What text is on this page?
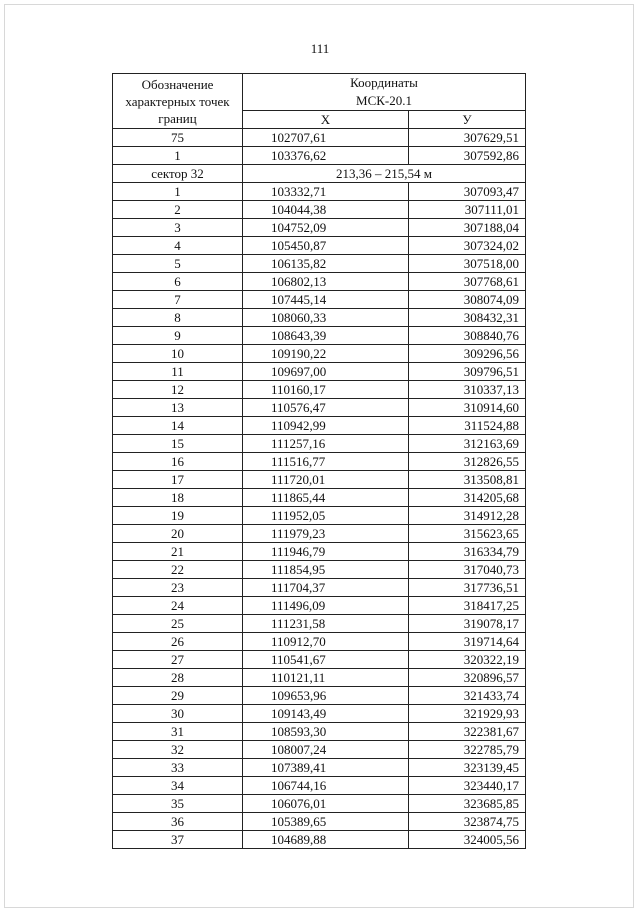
111
Обозначение
характерных точек
границ	Координаты
МСК-20.1	
	X	У
75	102707,61	307629,51
1	103376,62	307592,86
сектор 32	213,36 – 215,54 м	
1	103332,71	307093,47
2	104044,38	307111,01
3	104752,09	307188,04
4	105450,87	307324,02
5	106135,82	307518,00
6	106802,13	307768,61
7	107445,14	308074,09
8	108060,33	308432,31
9	108643,39	308840,76
10	109190,22	309296,56
11	109697,00	309796,51
12	110160,17	310337,13
13	110576,47	310914,60
14	110942,99	311524,88
15	111257,16	312163,69
16	111516,77	312826,55
17	111720,01	313508,81
18	111865,44	314205,68
19	111952,05	314912,28
20	111979,23	315623,65
21	111946,79	316334,79
22	111854,95	317040,73
23	111704,37	317736,51
24	111496,09	318417,25
25	111231,58	319078,17
26	110912,70	319714,64
27	110541,67	320322,19
28	110121,11	320896,57
29	109653,96	321433,74
30	109143,49	321929,93
31	108593,30	322381,67
32	108007,24	322785,79
33	107389,41	323139,45
34	106744,16	323440,17
35	106076,01	323685,85
36	105389,65	323874,75
37	104689,88	324005,56
